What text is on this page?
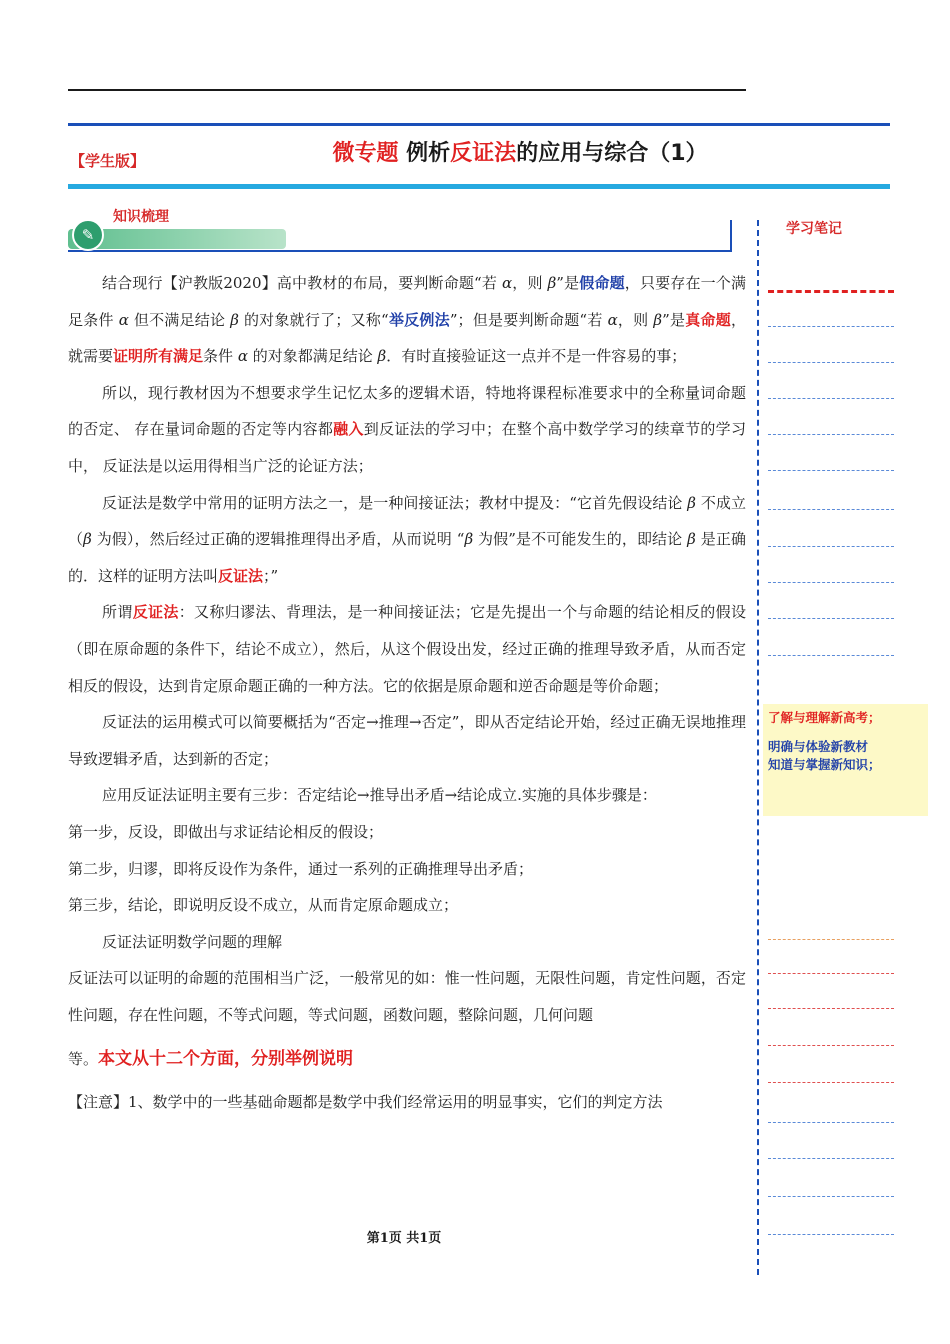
【学生版】	微专题 例析反证法的应用与综合（1）
✎
知识梳理

结合现行【沪教版2020】高中教材的布局，要判断命题“若 α，则 β”是假命题，只要存在一个满足条件 α 但不满足结论 β 的对象就行了；又称“举反例法”；但是要判断命题“若 α，则 β”是真命题，就需要证明所有满足条件 α 的对象都满足结论 β．有时直接验证这一点并不是一件容易的事；

所以，现行教材因为不想要求学生记忆太多的逻辑术语，特地将课程标准要求中的全称量词命题的否定、 存在量词命题的否定等内容都融入到反证法的学习中；在整个高中数学学习的续章节的学习中， 反证法是以运用得相当广泛的论证方法；

反证法是数学中常用的证明方法之一，是一种间接证法；教材中提及：“它首先假设结论 β 不成立（β 为假），然后经过正确的逻辑推理得出矛盾，从而说明 “β 为假”是不可能发生的，即结论 β 是正确的．这样的证明方法叫反证法；”

所谓反证法：又称归谬法、背理法，是一种间接证法；它是先提出一个与命题的结论相反的假设（即在原命题的条件下，结论不成立），然后，从这个假设出发，经过正确的推理导致矛盾，从而否定相反的假设，达到肯定原命题正确的一种方法。它的依据是原命题和逆否命题是等价命题；

反证法的运用模式可以简要概括为“否定→推理→否定”，即从否定结论开始，经过正确无误地推理导致逻辑矛盾，达到新的否定；

应用反证法证明主要有三步：否定结论→推导出矛盾→结论成立.实施的具体步骤是：

第一步，反设，即做出与求证结论相反的假设；

第二步，归谬，即将反设作为条件，通过一系列的正确推理导出矛盾；

第三步，结论，即说明反设不成立，从而肯定原命题成立；

反证法证明数学问题的理解

反证法可以证明的命题的范围相当广泛，一般常见的如：惟一性问题，无限性问题，肯定性问题，否定性问题，存在性问题，不等式问题，等式问题，函数问题，整除问题，几何问题

等。本文从十二个方面，分别举例说明

【注意】1、数学中的一些基础命题都是数学中我们经常运用的明显事实，它们的判定方法

第1页 共1页
学习笔记
了解与理解新高考；
明确与体验新教材
知道与掌握新知识；
